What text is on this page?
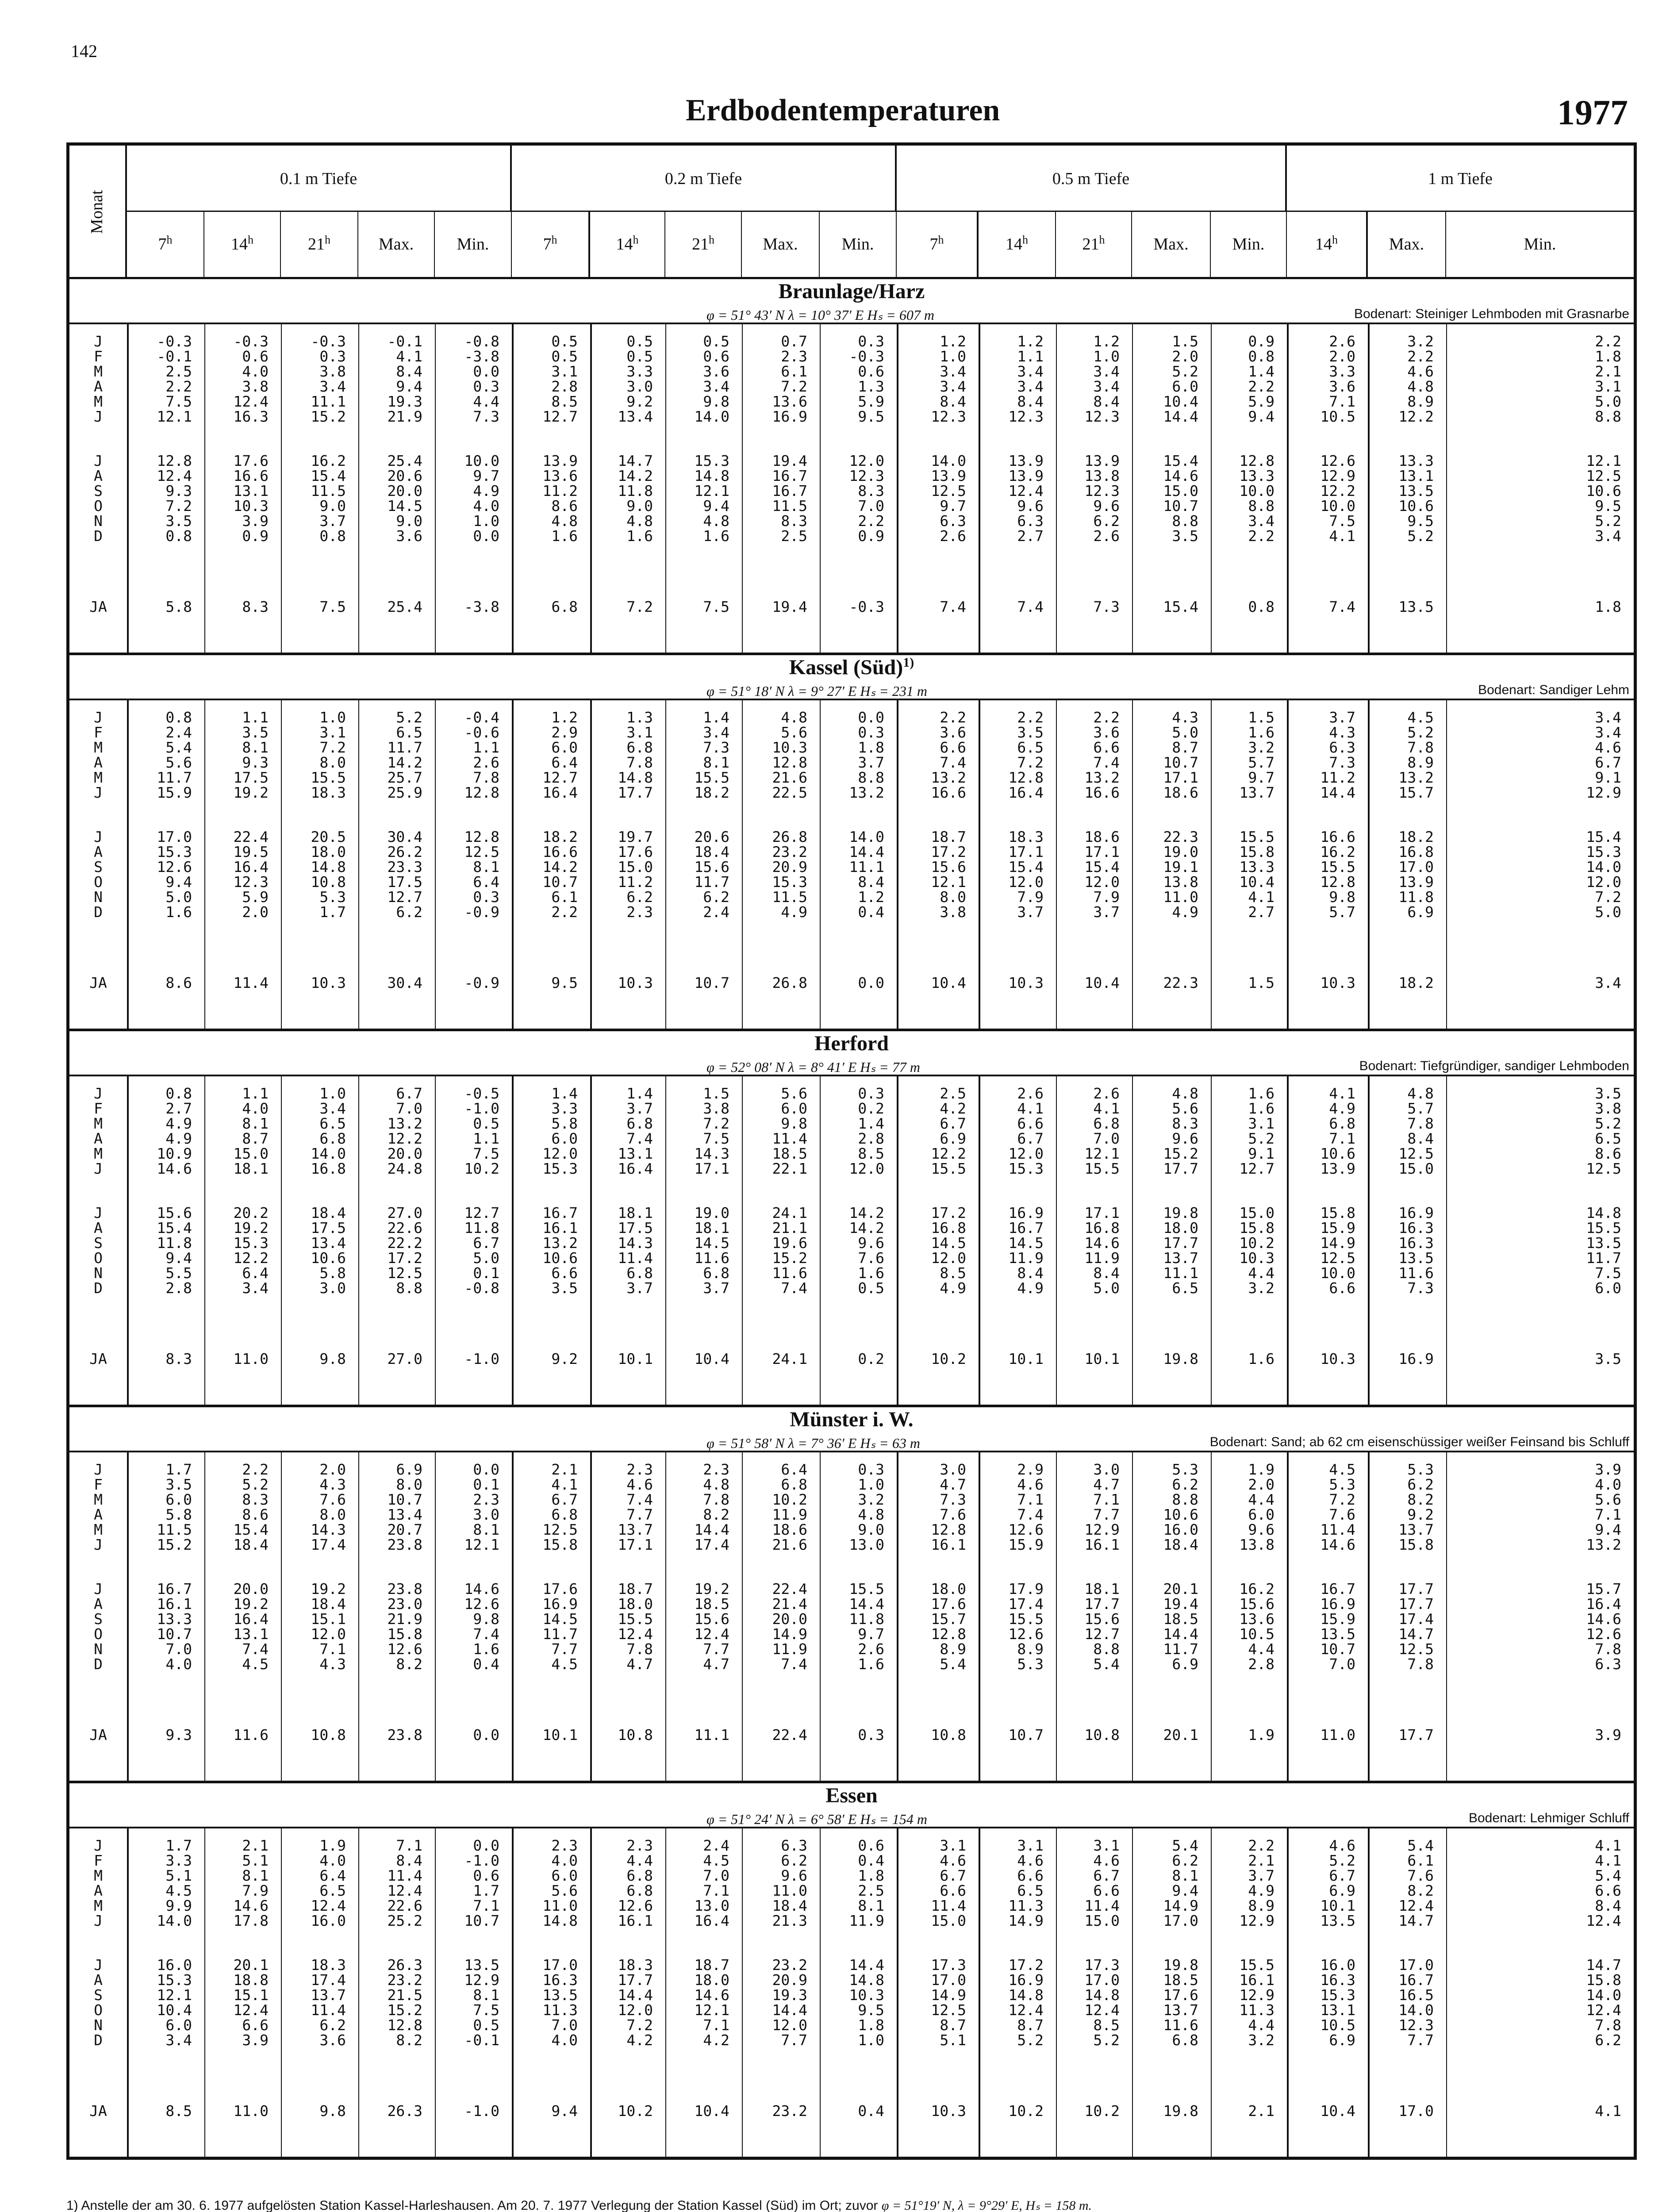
142
Erdbodentemperaturen	1977
Monat
0.1 m Tiefe	0.2 m Tiefe	0.5 m Tiefe	1 m Tiefe
7$^h$	14$^h$	21$^h$	Max.	Min.	7$^h$	14$^h$	21$^h$	Max.	Min.	7$^h$	14$^h$	21$^h$	Max.	Min.	14$^h$	Max.	Min.
Braunlage/Harz
φ = 51° 43′ N λ = 10° 37′ E Hₛ = 607 m	Bodenart: Steiniger Lehmboden mit Grasnarbe
J	-0.3	-0.3	-0.3	-0.1	-0.8	0.5	0.5	0.5	0.7	0.3	1.2	1.2	1.2	1.5	0.9	2.6	3.2	2.2
F	-0.1	0.6	0.3	4.1	-3.8	0.5	0.5	0.6	2.3	-0.3	1.0	1.1	1.0	2.0	0.8	2.0	2.2	1.8
M	2.5	4.0	3.8	8.4	0.0	3.1	3.3	3.6	6.1	0.6	3.4	3.4	3.4	5.2	1.4	3.3	4.6	2.1
A	2.2	3.8	3.4	9.4	0.3	2.8	3.0	3.4	7.2	1.3	3.4	3.4	3.4	6.0	2.2	3.6	4.8	3.1
M	7.5	12.4	11.1	19.3	4.4	8.5	9.2	9.8	13.6	5.9	8.4	8.4	8.4	10.4	5.9	7.1	8.9	5.0
J	12.1	16.3	15.2	21.9	7.3	12.7	13.4	14.0	16.9	9.5	12.3	12.3	12.3	14.4	9.4	10.5	12.2	8.8
J	12.8	17.6	16.2	25.4	10.0	13.9	14.7	15.3	19.4	12.0	14.0	13.9	13.9	15.4	12.8	12.6	13.3	12.1
A	12.4	16.6	15.4	20.6	9.7	13.6	14.2	14.8	16.7	12.3	13.9	13.9	13.8	14.6	13.3	12.9	13.1	12.5
S	9.3	13.1	11.5	20.0	4.9	11.2	11.8	12.1	16.7	8.3	12.5	12.4	12.3	15.0	10.0	12.2	13.5	10.6
O	7.2	10.3	9.0	14.5	4.0	8.6	9.0	9.4	11.5	7.0	9.7	9.6	9.6	10.7	8.8	10.0	10.6	9.5
N	3.5	3.9	3.7	9.0	1.0	4.8	4.8	4.8	8.3	2.2	6.3	6.3	6.2	8.8	3.4	7.5	9.5	5.2
D	0.8	0.9	0.8	3.6	0.0	1.6	1.6	1.6	2.5	0.9	2.6	2.7	2.6	3.5	2.2	4.1	5.2	3.4
JA	5.8	8.3	7.5	25.4	-3.8	6.8	7.2	7.5	19.4	-0.3	7.4	7.4	7.3	15.4	0.8	7.4	13.5	1.8
Kassel (Süd)$^{1)}$
φ = 51° 18′ N λ = 9° 27′ E Hₛ = 231 m	Bodenart: Sandiger Lehm
J	0.8	1.1	1.0	5.2	-0.4	1.2	1.3	1.4	4.8	0.0	2.2	2.2	2.2	4.3	1.5	3.7	4.5	3.4
F	2.4	3.5	3.1	6.5	-0.6	2.9	3.1	3.4	5.6	0.3	3.6	3.5	3.6	5.0	1.6	4.3	5.2	3.4
M	5.4	8.1	7.2	11.7	1.1	6.0	6.8	7.3	10.3	1.8	6.6	6.5	6.6	8.7	3.2	6.3	7.8	4.6
A	5.6	9.3	8.0	14.2	2.6	6.4	7.8	8.1	12.8	3.7	7.4	7.2	7.4	10.7	5.7	7.3	8.9	6.7
M	11.7	17.5	15.5	25.7	7.8	12.7	14.8	15.5	21.6	8.8	13.2	12.8	13.2	17.1	9.7	11.2	13.2	9.1
J	15.9	19.2	18.3	25.9	12.8	16.4	17.7	18.2	22.5	13.2	16.6	16.4	16.6	18.6	13.7	14.4	15.7	12.9
J	17.0	22.4	20.5	30.4	12.8	18.2	19.7	20.6	26.8	14.0	18.7	18.3	18.6	22.3	15.5	16.6	18.2	15.4
A	15.3	19.5	18.0	26.2	12.5	16.6	17.6	18.4	23.2	14.4	17.2	17.1	17.1	19.0	15.8	16.2	16.8	15.3
S	12.6	16.4	14.8	23.3	8.1	14.2	15.0	15.6	20.9	11.1	15.6	15.4	15.4	19.1	13.3	15.5	17.0	14.0
O	9.4	12.3	10.8	17.5	6.4	10.7	11.2	11.7	15.3	8.4	12.1	12.0	12.0	13.8	10.4	12.8	13.9	12.0
N	5.0	5.9	5.3	12.7	0.3	6.1	6.2	6.2	11.5	1.2	8.0	7.9	7.9	11.0	4.1	9.8	11.8	7.2
D	1.6	2.0	1.7	6.2	-0.9	2.2	2.3	2.4	4.9	0.4	3.8	3.7	3.7	4.9	2.7	5.7	6.9	5.0
JA	8.6	11.4	10.3	30.4	-0.9	9.5	10.3	10.7	26.8	0.0	10.4	10.3	10.4	22.3	1.5	10.3	18.2	3.4
Herford
φ = 52° 08′ N λ = 8° 41′ E Hₛ = 77 m	Bodenart: Tiefgründiger, sandiger Lehmboden
J	0.8	1.1	1.0	6.7	-0.5	1.4	1.4	1.5	5.6	0.3	2.5	2.6	2.6	4.8	1.6	4.1	4.8	3.5
F	2.7	4.0	3.4	7.0	-1.0	3.3	3.7	3.8	6.0	0.2	4.2	4.1	4.1	5.6	1.6	4.9	5.7	3.8
M	4.9	8.1	6.5	13.2	0.5	5.8	6.8	7.2	9.8	1.4	6.7	6.6	6.8	8.3	3.1	6.8	7.8	5.2
A	4.9	8.7	6.8	12.2	1.1	6.0	7.4	7.5	11.4	2.8	6.9	6.7	7.0	9.6	5.2	7.1	8.4	6.5
M	10.9	15.0	14.0	20.0	7.5	12.0	13.1	14.3	18.5	8.5	12.2	12.0	12.1	15.2	9.1	10.6	12.5	8.6
J	14.6	18.1	16.8	24.8	10.2	15.3	16.4	17.1	22.1	12.0	15.5	15.3	15.5	17.7	12.7	13.9	15.0	12.5
J	15.6	20.2	18.4	27.0	12.7	16.7	18.1	19.0	24.1	14.2	17.2	16.9	17.1	19.8	15.0	15.8	16.9	14.8
A	15.4	19.2	17.5	22.6	11.8	16.1	17.5	18.1	21.1	14.2	16.8	16.7	16.8	18.0	15.8	15.9	16.3	15.5
S	11.8	15.3	13.4	22.2	6.7	13.2	14.3	14.5	19.6	9.6	14.5	14.5	14.6	17.7	10.2	14.9	16.3	13.5
O	9.4	12.2	10.6	17.2	5.0	10.6	11.4	11.6	15.2	7.6	12.0	11.9	11.9	13.7	10.3	12.5	13.5	11.7
N	5.5	6.4	5.8	12.5	0.1	6.6	6.8	6.8	11.6	1.6	8.5	8.4	8.4	11.1	4.4	10.0	11.6	7.5
D	2.8	3.4	3.0	8.8	-0.8	3.5	3.7	3.7	7.4	0.5	4.9	4.9	5.0	6.5	3.2	6.6	7.3	6.0
JA	8.3	11.0	9.8	27.0	-1.0	9.2	10.1	10.4	24.1	0.2	10.2	10.1	10.1	19.8	1.6	10.3	16.9	3.5
Münster i. W.
φ = 51° 58′ N λ = 7° 36′ E Hₛ = 63 m	Bodenart: Sand; ab 62 cm eisenschüssiger weißer Feinsand bis Schluff
J	1.7	2.2	2.0	6.9	0.0	2.1	2.3	2.3	6.4	0.3	3.0	2.9	3.0	5.3	1.9	4.5	5.3	3.9
F	3.5	5.2	4.3	8.0	0.1	4.1	4.6	4.8	6.8	1.0	4.7	4.6	4.7	6.2	2.0	5.3	6.2	4.0
M	6.0	8.3	7.6	10.7	2.3	6.7	7.4	7.8	10.2	3.2	7.3	7.1	7.1	8.8	4.4	7.2	8.2	5.6
A	5.8	8.6	8.0	13.4	3.0	6.8	7.7	8.2	11.9	4.8	7.6	7.4	7.7	10.6	6.0	7.6	9.2	7.1
M	11.5	15.4	14.3	20.7	8.1	12.5	13.7	14.4	18.6	9.0	12.8	12.6	12.9	16.0	9.6	11.4	13.7	9.4
J	15.2	18.4	17.4	23.8	12.1	15.8	17.1	17.4	21.6	13.0	16.1	15.9	16.1	18.4	13.8	14.6	15.8	13.2
J	16.7	20.0	19.2	23.8	14.6	17.6	18.7	19.2	22.4	15.5	18.0	17.9	18.1	20.1	16.2	16.7	17.7	15.7
A	16.1	19.2	18.4	23.0	12.6	16.9	18.0	18.5	21.4	14.4	17.6	17.4	17.7	19.4	15.6	16.9	17.7	16.4
S	13.3	16.4	15.1	21.9	9.8	14.5	15.5	15.6	20.0	11.8	15.7	15.5	15.6	18.5	13.6	15.9	17.4	14.6
O	10.7	13.1	12.0	15.8	7.4	11.7	12.4	12.4	14.9	9.7	12.8	12.6	12.7	14.4	10.5	13.5	14.7	12.6
N	7.0	7.4	7.1	12.6	1.6	7.7	7.8	7.7	11.9	2.6	8.9	8.9	8.8	11.7	4.4	10.7	12.5	7.8
D	4.0	4.5	4.3	8.2	0.4	4.5	4.7	4.7	7.4	1.6	5.4	5.3	5.4	6.9	2.8	7.0	7.8	6.3
JA	9.3	11.6	10.8	23.8	0.0	10.1	10.8	11.1	22.4	0.3	10.8	10.7	10.8	20.1	1.9	11.0	17.7	3.9
Essen
φ = 51° 24′ N λ = 6° 58′ E Hₛ = 154 m	Bodenart: Lehmiger Schluff
J	1.7	2.1	1.9	7.1	0.0	2.3	2.3	2.4	6.3	0.6	3.1	3.1	3.1	5.4	2.2	4.6	5.4	4.1
F	3.3	5.1	4.0	8.4	-1.0	4.0	4.4	4.5	6.2	0.4	4.6	4.6	4.6	6.2	2.1	5.2	6.1	4.1
M	5.1	8.1	6.4	11.4	0.6	6.0	6.8	7.0	9.6	1.8	6.7	6.6	6.7	8.1	3.7	6.7	7.6	5.4
A	4.5	7.9	6.5	12.4	1.7	5.6	6.8	7.1	11.0	2.5	6.6	6.5	6.6	9.4	4.9	6.9	8.2	6.6
M	9.9	14.6	12.4	22.6	7.1	11.0	12.6	13.0	18.4	8.1	11.4	11.3	11.4	14.9	8.9	10.1	12.4	8.4
J	14.0	17.8	16.0	25.2	10.7	14.8	16.1	16.4	21.3	11.9	15.0	14.9	15.0	17.0	12.9	13.5	14.7	12.4
J	16.0	20.1	18.3	26.3	13.5	17.0	18.3	18.7	23.2	14.4	17.3	17.2	17.3	19.8	15.5	16.0	17.0	14.7
A	15.3	18.8	17.4	23.2	12.9	16.3	17.7	18.0	20.9	14.8	17.0	16.9	17.0	18.5	16.1	16.3	16.7	15.8
S	12.1	15.1	13.7	21.5	8.1	13.5	14.4	14.6	19.3	10.3	14.9	14.8	14.8	17.6	12.9	15.3	16.5	14.0
O	10.4	12.4	11.4	15.2	7.5	11.3	12.0	12.1	14.4	9.5	12.5	12.4	12.4	13.7	11.3	13.1	14.0	12.4
N	6.0	6.6	6.2	12.8	0.5	7.0	7.2	7.1	12.0	1.8	8.7	8.7	8.5	11.6	4.4	10.5	12.3	7.8
D	3.4	3.9	3.6	8.2	-0.1	4.0	4.2	4.2	7.7	1.0	5.1	5.2	5.2	6.8	3.2	6.9	7.7	6.2
JA	8.5	11.0	9.8	26.3	-1.0	9.4	10.2	10.4	23.2	0.4	10.3	10.2	10.2	19.8	2.1	10.4	17.0	4.1
1) Anstelle der am 30. 6. 1977 aufgelösten Station Kassel-Harleshausen. Am 20. 7. 1977 Verlegung der Station Kassel (Süd) im Ort; zuvor φ = 51°19′ N, λ = 9°29′ E, Hₛ = 158 m.
